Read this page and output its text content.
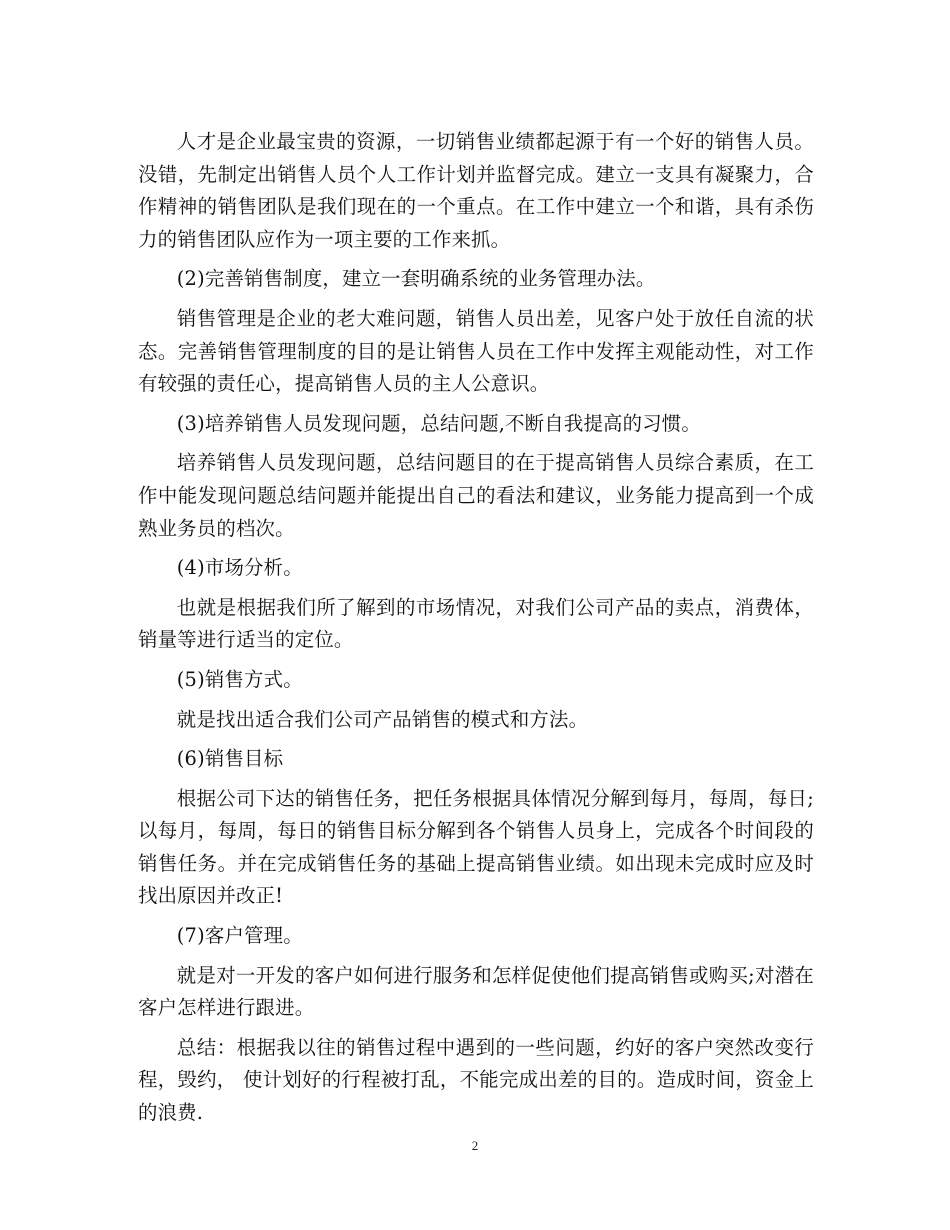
人才是企业最宝贵的资源，一切销售业绩都起源于有一个好的销售人员。没错，先制定出销售人员个人工作计划并监督完成。建立一支具有凝聚力，合作精神的销售团队是我们现在的一个重点。在工作中建立一个和谐，具有杀伤力的销售团队应作为一项主要的工作来抓。

(2)完善销售制度，建立一套明确系统的业务管理办法。

销售管理是企业的老大难问题，销售人员出差，见客户处于放任自流的状态。完善销售管理制度的目的是让销售人员在工作中发挥主观能动性，对工作有较强的责任心，提高销售人员的主人公意识。

(3)培养销售人员发现问题，总结问题,不断自我提高的习惯。

培养销售人员发现问题，总结问题目的在于提高销售人员综合素质，在工作中能发现问题总结问题并能提出自己的看法和建议，业务能力提高到一个成熟业务员的档次。

(4)市场分析。

也就是根据我们所了解到的市场情况，对我们公司产品的卖点，消费体，销量等进行适当的定位。

(5)销售方式。

就是找出适合我们公司产品销售的模式和方法。

(6)销售目标

根据公司下达的销售任务，把任务根据具体情况分解到每月，每周，每日;以每月，每周，每日的销售目标分解到各个销售人员身上，完成各个时间段的销售任务。并在完成销售任务的基础上提高销售业绩。如出现未完成时应及时找出原因并改正!

(7)客户管理。

就是对一开发的客户如何进行服务和怎样促使他们提高销售或购买;对潜在客户怎样进行跟进。

总结：根据我以往的销售过程中遇到的一些问题，约好的客户突然改变行程，毁约， 使计划好的行程被打乱，不能完成出差的目的。造成时间，资金上的浪费.

2
